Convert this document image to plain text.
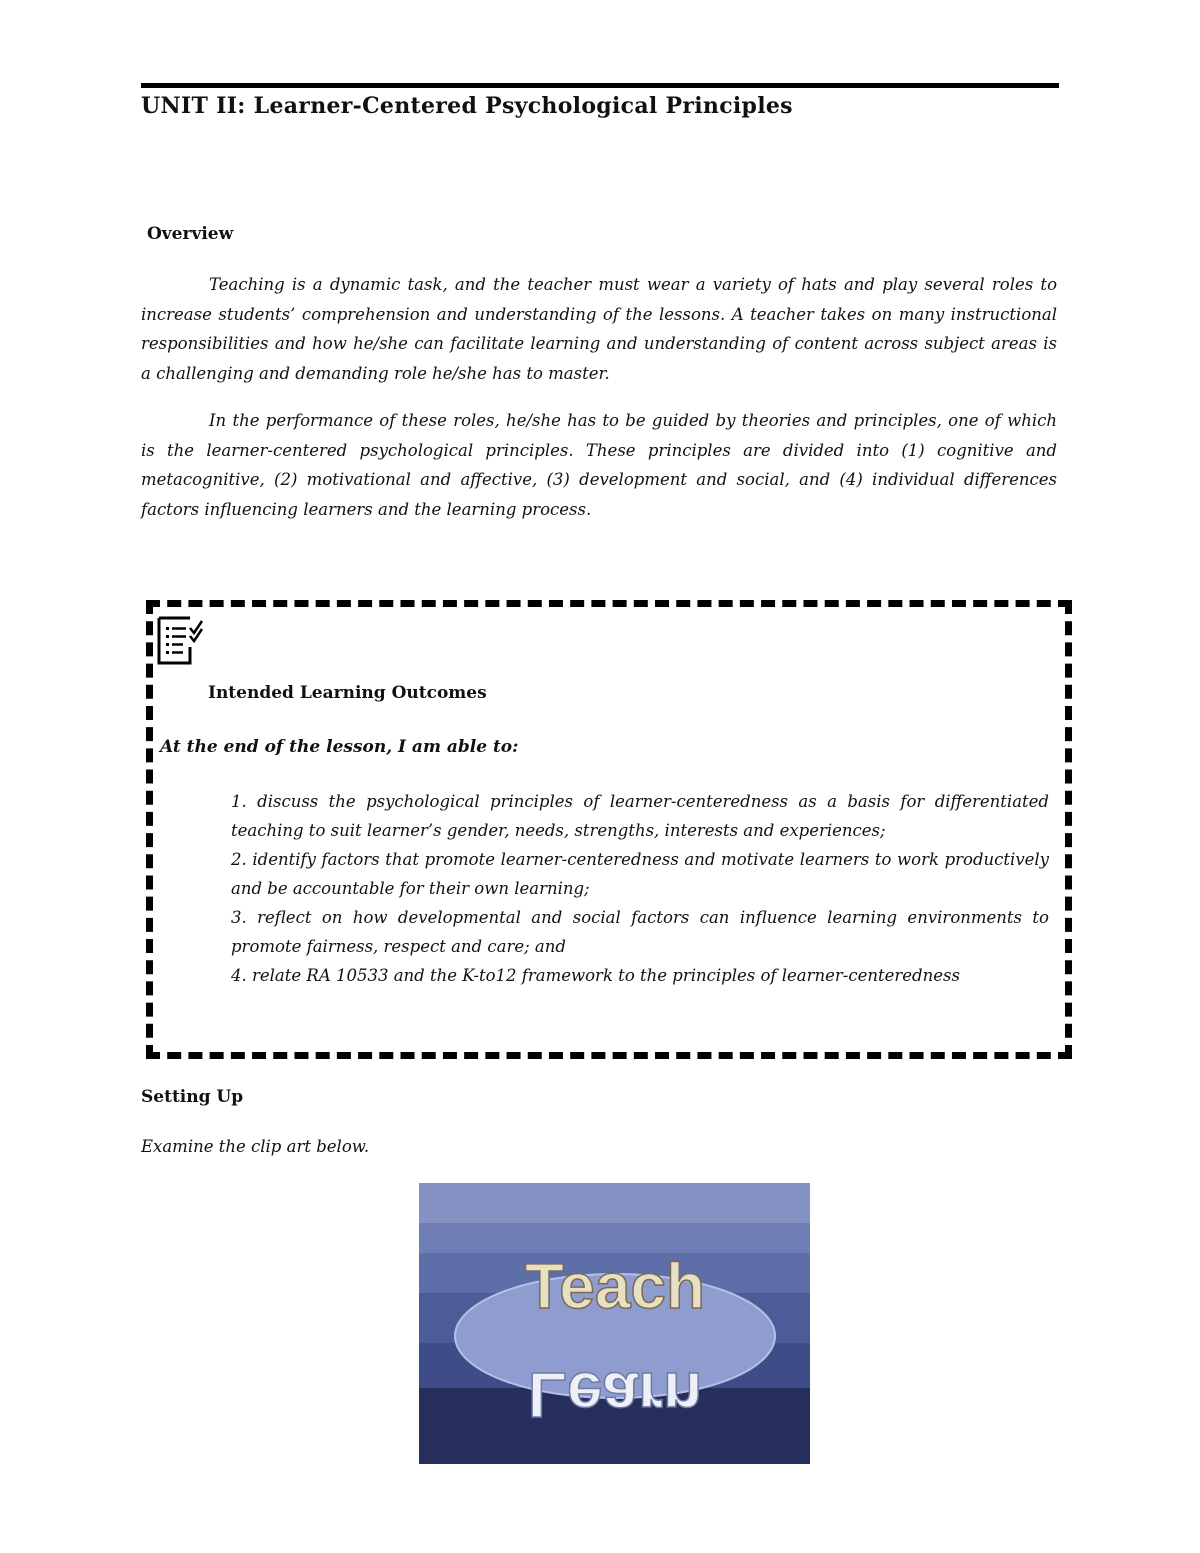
UNIT II: Learner-Centered Psychological Principles
Overview

Teaching is a dynamic task, and the teacher must wear a variety of hats and play several roles to increase students’ comprehension and understanding of the lessons. A teacher takes on many instructional responsibilities and how he/she can facilitate learning and understanding of content across subject areas is a challenging and demanding role he/she has to master.

In the performance of these roles, he/she has to be guided by theories and principles, one of which is the learner-centered psychological principles. These principles are divided into (1) cognitive and metacognitive, (2) motivational and affective, (3) development and social, and (4) individual differences factors influencing learners and the learning process.

Intended Learning Outcomes

At the end of the lesson, I am able to:

1. discuss the psychological principles of learner-centeredness as a basis for differentiated teaching to suit learner’s gender, needs, strengths, interests and experiences;
2. identify factors that promote learner-centeredness and motivate learners to work productively and be accountable for their own learning;
3. reflect on how developmental and social factors can influence learning environments to promote fairness, respect and care; and
4. relate RA 10533 and the K-to12 framework to the principles of learner-centeredness
Setting Up

Examine the clip art below.

Teach
Learn
